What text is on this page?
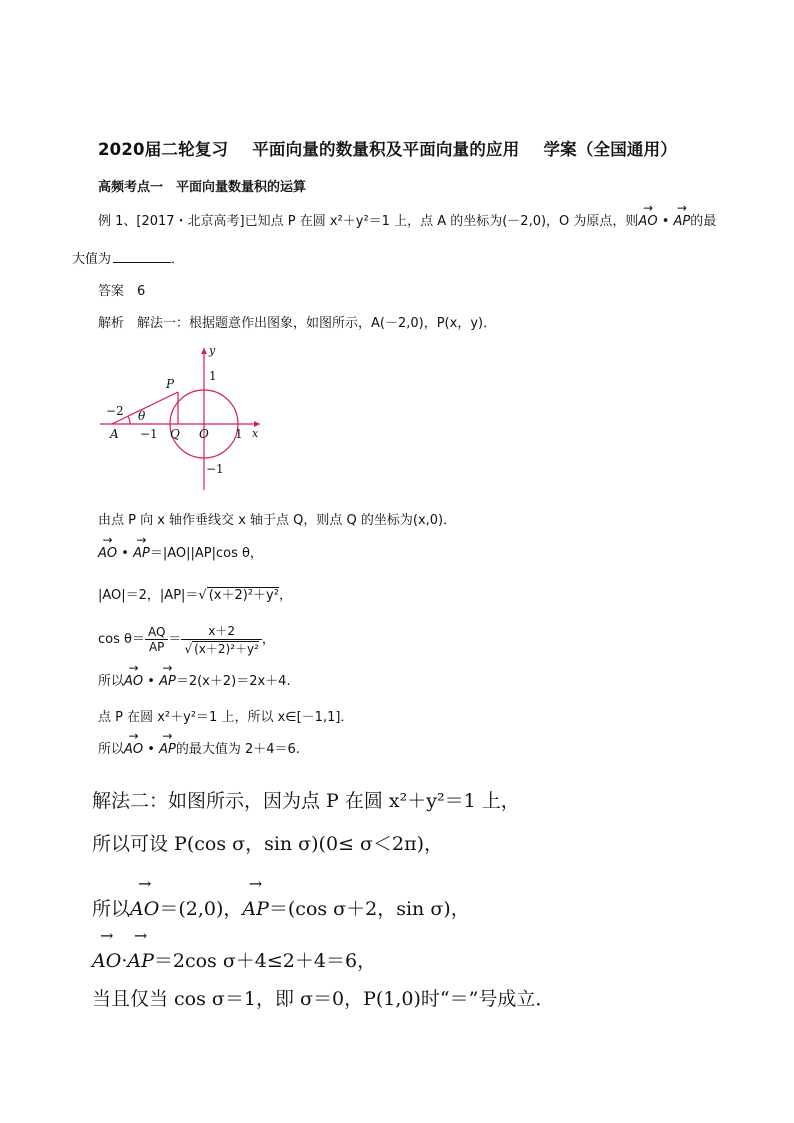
2020届二轮复习 平面向量的数量积及平面向量的应用 学案（全国通用）
高频考点一　平面向量数量积的运算
例 1、[2017・北京高考]已知点 P 在圆 x²＋y²＝1 上，点 A 的坐标为(－2,0)，O 为原点，则→ AO • → AP的最
大值为	．
答案　6
解析　解法一：根据题意作出图象，如图所示，A(－2,0)，P(x，y)．
y
P
1
−2 θ
A −1 Q O 1 x
−1
由点 P 向 x 轴作垂线交 x 轴于点 Q，则点 Q 的坐标为(x,0)．
→ AO • → AP＝|AO||AP|cos θ，
|AO|＝2，|AP|＝√ (x＋2)²＋y²，
$\cos \theta= \frac{AQ}{AP} = \frac{x+2}{\text{√ (x＋2)²＋y²}}$ ，
所以→ AO • → AP＝2(x＋2)＝2x＋4.
点 P 在圆 x²＋y²＝1 上，所以 x∈[－1,1]．
所以→ AO • → AP的最大值为 2＋4＝6.
解法二：如图所示，因为点 P 在圆 x²＋y²＝1 上，
所以可设 P(cos σ，sin σ)(0≤ σ＜2π)，
所以→ AO＝(2,0)，→ AP＝(cos σ＋2，sin σ)，
→ AO·→ AP＝2cos σ＋4≤2＋4＝6，
当且仅当 cos σ＝1，即 σ＝0，P(1,0)时“＝”号成立．
